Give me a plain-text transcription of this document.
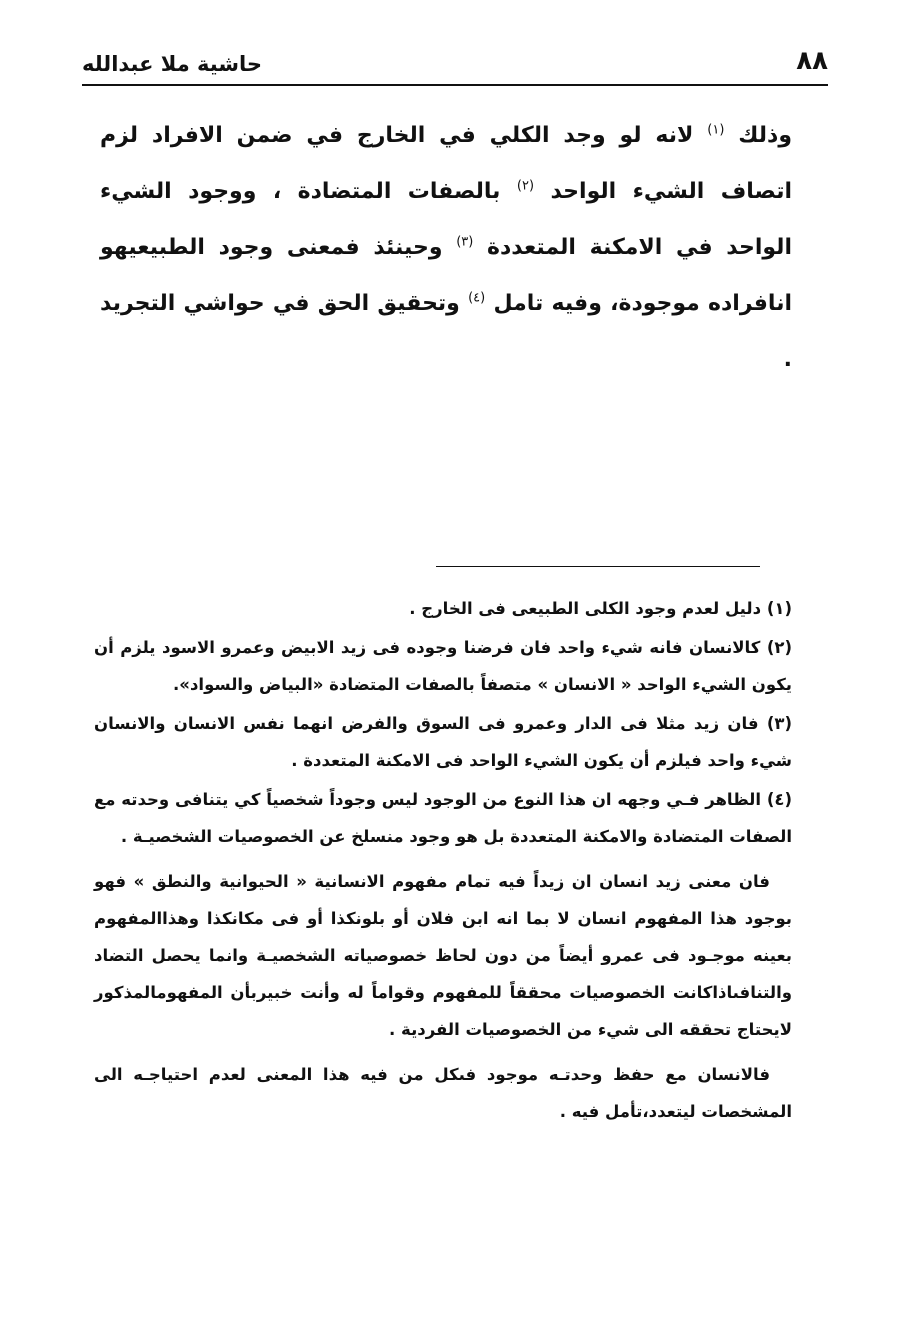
٨٨
حاشية ملا عبدالله
وذلك $^{(١)}$ لانه لو وجد الكلي في الخارج في ضمن الافراد لزم اتصاف الشيء الواحد $^{(٢)}$ بالصفات المتضادة ، ووجود الشيء الواحد في الامكنة المتعددة $^{(٣)}$ وحينئذ فمعنى وجود الطبيعيهو انافراده موجودة، وفيه تامل $^{(٤)}$ وتحقيق الحق في حواشي التجريد .

(١) دليل لعدم وجود الكلى الطبيعى فى الخارج .

(٢) كالانسان فانه شيء واحد فان فرضنا وجوده فى زيد الابيض وعمرو الاسود يلزم أن يكون الشيء الواحد « الانسان » متصفاً بالصفات المتضادة «البياض والسواد».

(٣) فان زيد مثلا فى الدار وعمرو فى السوق والفرض انهما نفس الانسان والانسان شيء واحد فيلزم أن يكون الشيء الواحد فى الامكنة المتعددة .

(٤) الظاهر فـي وجهه ان هذا النوع من الوجود ليس وجوداً شخصياً كي يتنافى وحدته مع الصفات المتضادة والامكنة المتعددة بل هو وجود منسلخ عن الخصوصيات الشخصيـة .

فان معنى زيد انسان ان زيداً فيه تمام مفهوم الانسانية « الحيوانية والنطق » فهو بوجود هذا المفهوم انسان لا بما انه ابن فلان أو بلونكذا أو فى مكانكذا وهذاالمفهوم بعينه موجـود فى عمرو أيضاً من دون لحاظ خصوصياته الشخصيـة وانما يحصل التضاد والتنافىاذاكانت الخصوصيات محققاً للمفهوم وقواماً له وأنت خبيربأن المفهومالمذكور لايحتاج تحققه الى شيء من الخصوصيات الفردية .

فالانسان مع حفظ وحدتـه موجود فىكل من فيه هذا المعنى لعدم احتياجـه الى المشخصات ليتعدد،تأمل فيه .
